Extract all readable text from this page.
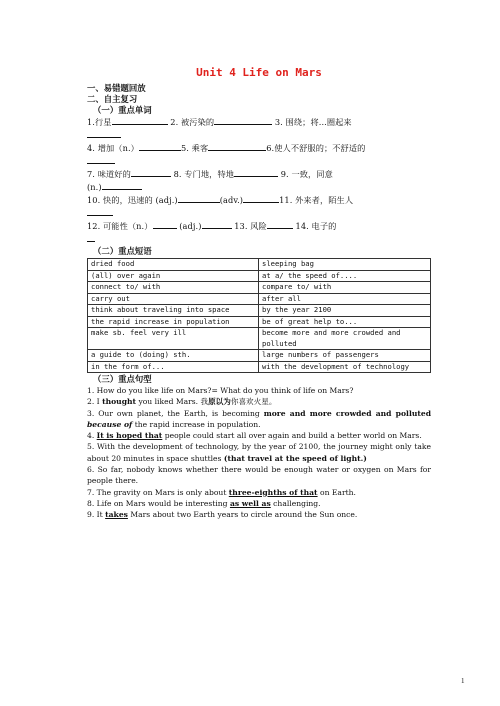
Unit 4 Life on Mars

一、易错题回放

二、自主复习

（一）重点单词

1.行星	2. 被污染的	3. 围绕；将...圈起来

4. 增加（n.）	5. 乘客	6.使人不舒服的；不舒适的

7. 味道好的	8. 专门地，特地	9. 一致，同意

(n.)

10. 快的，迅速的 (adj.)	(adv.)	11. 外来者，陌生人

12. 可能性（n.）	(adj.)	13. 风险	14. 电子的

（二）重点短语

dried food	sleeping bag
(all) over again	at a/ the speed of....
connect to/ with	compare to/ with
carry out	after all
think about traveling into space	by the year 2100
the rapid increase in population	be of great help to...
make sb. feel very ill	become more and more crowded and polluted
a guide to (doing) sth.	large numbers of passengers
in the form of...	with the development of technology

（三）重点句型

1. How do you like life on Mars?= What do you think of life on Mars?

2. I thought you liked Mars. 我原以为你喜欢火星。

3. Our own planet, the Earth, is becoming more and more crowded and polluted because of the rapid increase in population.

4. It is hoped that people could start all over again and build a better world on Mars.

5. With the development of technology, by the year of 2100, the journey might only take about 20 minutes in space shuttles (that travel at the speed of light.)

6. So far, nobody knows whether there would be enough water or oxygen on Mars for people there.

7. The gravity on Mars is only about three-eighths of that on Earth.

8. Life on Mars would be interesting as well as challenging.

9. It takes Mars about two Earth years to circle around the Sun once.

1
